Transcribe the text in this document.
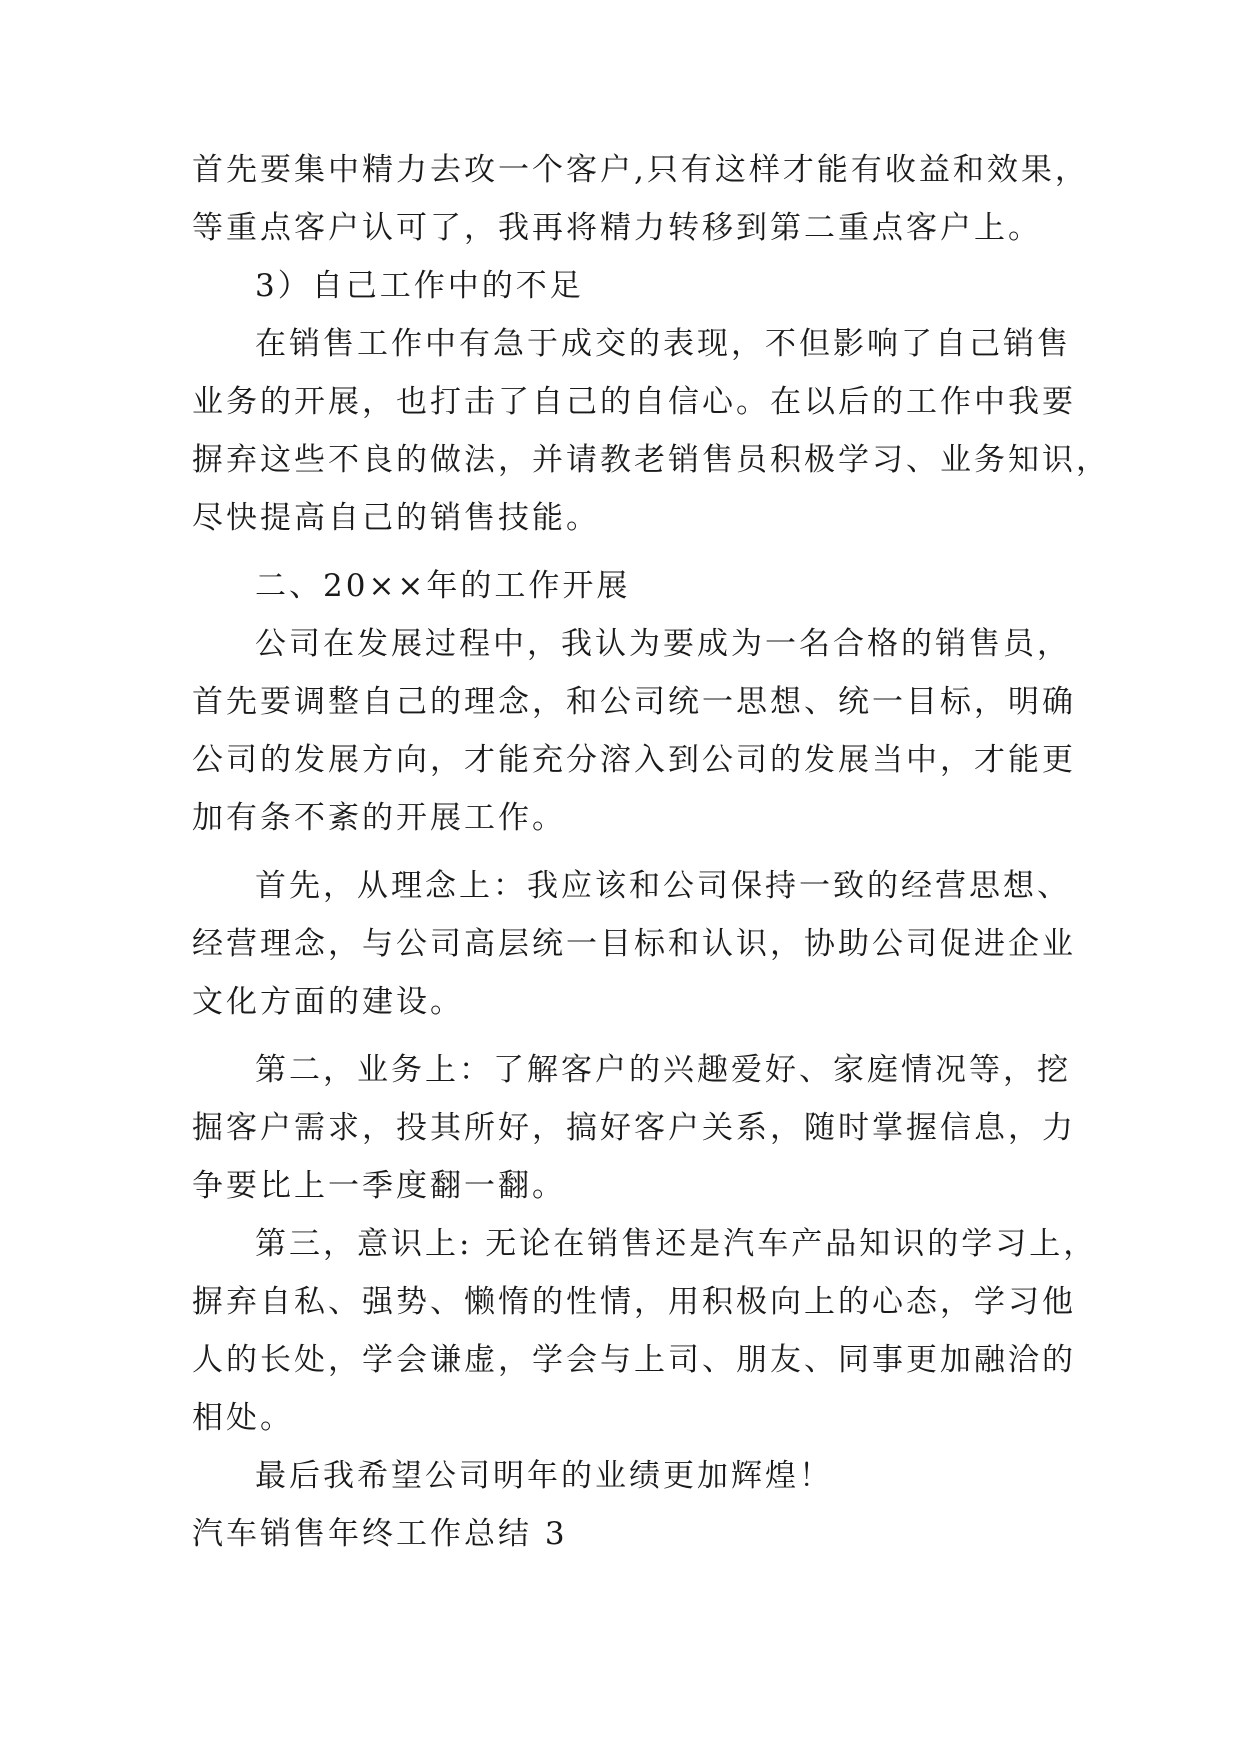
首先要集中精力去攻一个客户,只有这样才能有收益和效果，
等重点客户认可了，我再将精力转移到第二重点客户上。
3）自己工作中的不足
在销售工作中有急于成交的表现，不但影响了自己销售
业务的开展，也打击了自己的自信心。在以后的工作中我要
摒弃这些不良的做法，并请教老销售员积极学习、业务知识，
尽快提高自己的销售技能。
二、20××年的工作开展
公司在发展过程中，我认为要成为一名合格的销售员，
首先要调整自己的理念，和公司统一思想、统一目标，明确
公司的发展方向，才能充分溶入到公司的发展当中，才能更
加有条不紊的开展工作。
首先，从理念上：我应该和公司保持一致的经营思想、
经营理念，与公司高层统一目标和认识，协助公司促进企业
文化方面的建设。
第二，业务上：了解客户的兴趣爱好、家庭情况等，挖
掘客户需求，投其所好，搞好客户关系，随时掌握信息，力
争要比上一季度翻一翻。
第三，意识上: 无论在销售还是汽车产品知识的学习上，
摒弃自私、强势、懒惰的性情，用积极向上的心态，学习他
人的长处，学会谦虚，学会与上司、朋友、同事更加融洽的
相处。
最后我希望公司明年的业绩更加辉煌！
汽车销售年终工作总结 3
